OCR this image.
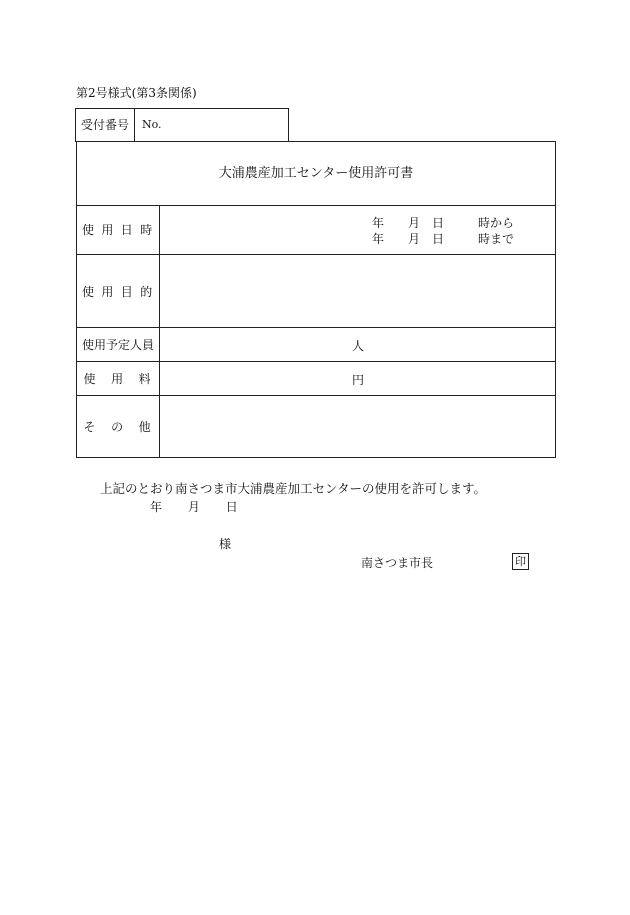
第2号様式(第3条関係)
受付番号	No.
大浦農産加工センター使用許可書
使 用 日 時	年 月 日	時から
年 月 日	時まで
使 用 目 的
使用予定人員	人
使　用　料	円
そ　の　他
上記のとおり南さつま市大浦農産加工センターの使用を許可します。
年 月 日
様
南さつま市長	印
